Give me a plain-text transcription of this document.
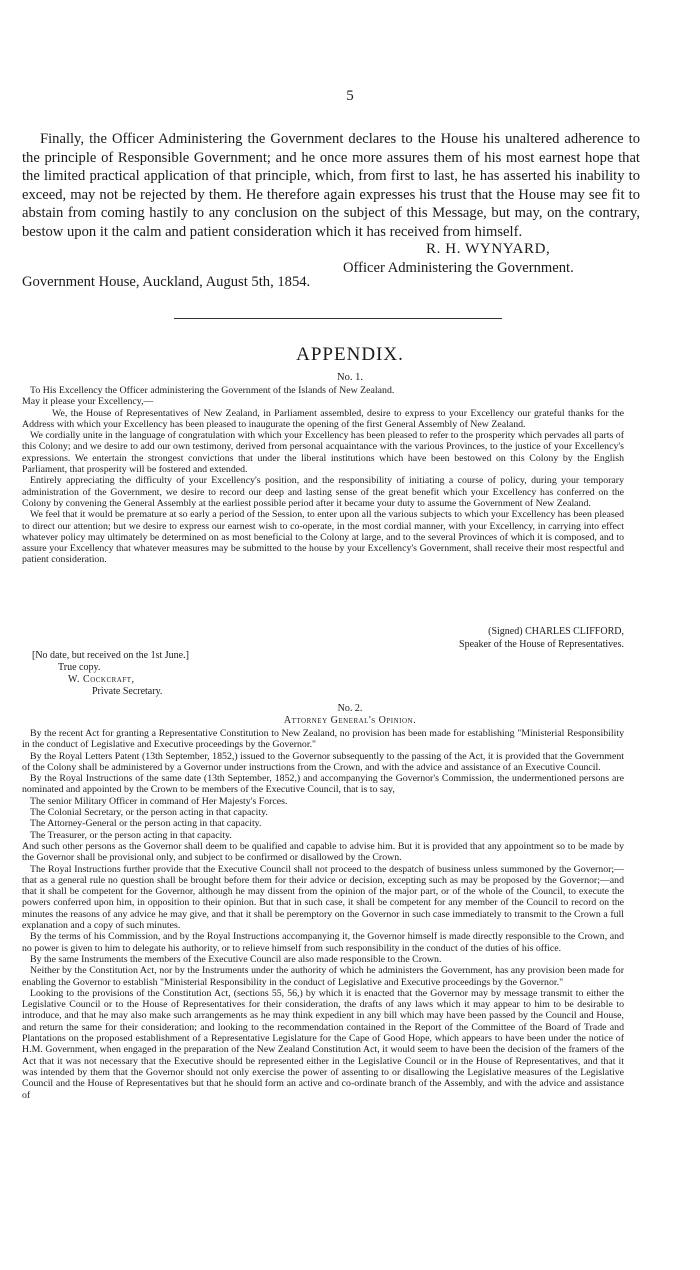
5

Finally, the Officer Administering the Government declares to the House his unaltered adherence to the principle of Responsible Government; and he once more assures them of his most earnest hope that the limited practical application of that principle, which, from first to last, he has asserted his inability to exceed, may not be rejected by them. He therefore again expresses his trust that the House may see fit to abstain from coming hastily to any conclusion on the subject of this Message, but may, on the contrary, bestow upon it the calm and patient consideration which it has received from himself.

R. H. WYNYARD,
Officer Administering the Government.
Government House, Auckland, August 5th, 1854.
APPENDIX.
No. 1.

To His Excellency the Officer administering the Government of the Islands of New Zealand.

May it please your Excellency,—

We, the House of Representatives of New Zealand, in Parliament assembled, desire to express to your Excellency our grateful thanks for the Address with which your Excellency has been pleased to inaugurate the opening of the first General Assembly of New Zealand.

We cordially unite in the language of congratulation with which your Excellency has been pleased to refer to the prosperity which pervades all parts of this Colony; and we desire to add our own testimony, derived from personal acquaintance with the various Provinces, to the justice of your Excellency's expressions. We entertain the strongest convictions that under the liberal institutions which have been bestowed on this Colony by the English Parliament, that prosperity will be fostered and extended.

Entirely appreciating the difficulty of your Excellency's position, and the responsibility of initiating a course of policy, during your temporary administration of the Government, we desire to record our deep and lasting sense of the great benefit which your Excellency has conferred on the Colony by convening the General Assembly at the earliest possible period after it became your duty to assume the Government of New Zealand.

We feel that it would be premature at so early a period of the Session, to enter upon all the various subjects to which your Excellency has been pleased to direct our attention; but we desire to express our earnest wish to co-operate, in the most cordial manner, with your Excellency, in carrying into effect whatever policy may ultimately be determined on as most beneficial to the Colony at large, and to the several Provinces of which it is composed, and to assure your Excellency that whatever measures may be submitted to the house by your Excellency's Government, shall receive their most respectful and patient consideration.

(Signed) CHARLES CLIFFORD,
Speaker of the House of Representatives.
[No date, but received on the 1st June.]
True copy.
W. Cockcraft,
Private Secretary.
No. 2.
Attorney General's Opinion.

By the recent Act for granting a Representative Constitution to New Zealand, no provision has been made for establishing "Ministerial Responsibility in the conduct of Legislative and Executive proceedings by the Governor."

By the Royal Letters Patent (13th September, 1852,) issued to the Governor subsequently to the passing of the Act, it is provided that the Government of the Colony shall be administered by a Governor under instructions from the Crown, and with the advice and assistance of an Executive Council.

By the Royal Instructions of the same date (13th September, 1852,) and accompanying the Governor's Commission, the undermentioned persons are nominated and appointed by the Crown to be members of the Executive Council, that is to say,

The senior Military Officer in command of Her Majesty's Forces.

The Colonial Secretary, or the person acting in that capacity.

The Attorney-General or the person acting in that capacity.

The Treasurer, or the person acting in that capacity.

And such other persons as the Governor shall deem to be qualified and capable to advise him. But it is provided that any appointment so to be made by the Governor shall be provisional only, and subject to be confirmed or disallowed by the Crown.

The Royal Instructions further provide that the Executive Council shall not proceed to the despatch of business unless summoned by the Governor;—that as a general rule no question shall be brought before them for their advice or decision, excepting such as may be proposed by the Governor;—and that it shall be competent for the Governor, although he may dissent from the opinion of the major part, or of the whole of the Council, to execute the powers conferred upon him, in opposition to their opinion. But that in such case, it shall be competent for any member of the Council to record on the minutes the reasons of any advice he may give, and that it shall be peremptory on the Governor in such case immediately to transmit to the Crown a full explanation and a copy of such minutes.

By the terms of his Commission, and by the Royal Instructions accompanying it, the Governor himself is made directly responsible to the Crown, and no power is given to him to delegate his authority, or to relieve himself from such responsibility in the conduct of the duties of his office.

By the same Instruments the members of the Executive Council are also made responsible to the Crown.

Neither by the Constitution Act, nor by the Instruments under the authority of which he administers the Government, has any provision been made for enabling the Governor to establish "Ministerial Responsibility in the conduct of Legislative and Executive proceedings by the Governor."

Looking to the provisions of the Constitution Act, (sections 55, 56,) by which it is enacted that the Governor may by message transmit to either the Legislative Council or to the House of Representatives for their consideration, the drafts of any laws which it may appear to him to be desirable to introduce, and that he may also make such arrangements as he may think expedient in any bill which may have been passed by the Council and House, and return the same for their consideration; and looking to the recommendation contained in the Report of the Committee of the Board of Trade and Plantations on the proposed establishment of a Representative Legislature for the Cape of Good Hope, which appears to have been under the notice of H.M. Government, when engaged in the preparation of the New Zealand Constitution Act, it would seem to have been the decision of the framers of the Act that it was not necessary that the Executive should be represented either in the Legislative Council or in the House of Representatives, and that it was intended by them that the Governor should not only exercise the power of assenting to or disallowing the Legislative measures of the Legislative Council and the House of Representatives but that he should form an active and co-ordinate branch of the Assembly, and with the advice and assistance of
